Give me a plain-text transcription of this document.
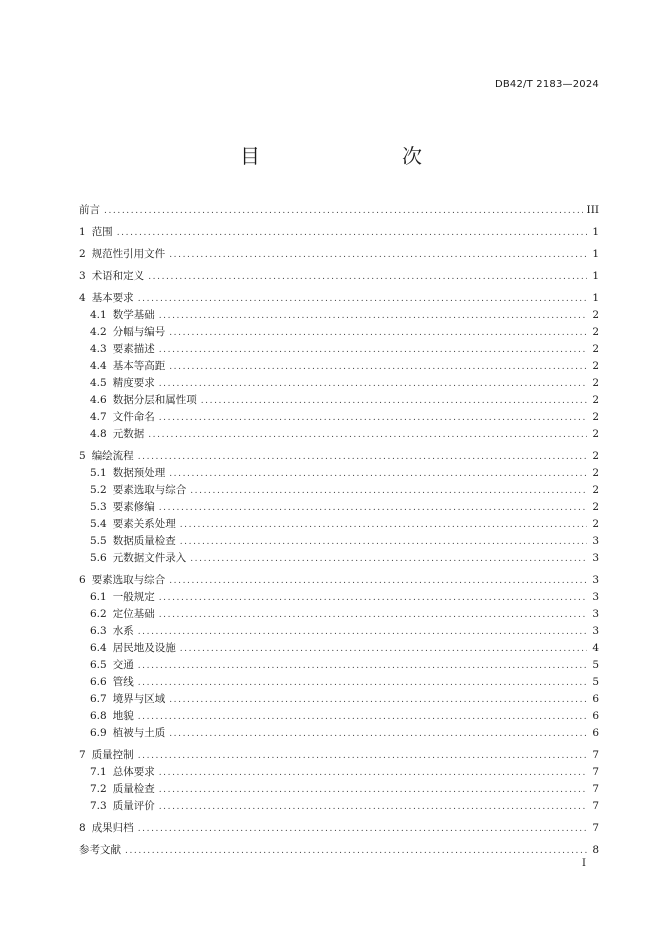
DB42/T 2183—2024
目　　次
前言 .....	III
1 范围 .....	1
2 规范性引用文件 .....	1
3 术语和定义 .....	1
4 基本要求 .....	1
4.1 数学基础 .....	2
4.2 分幅与编号 .....	2
4.3 要素描述 .....	2
4.4 基本等高距 .....	2
4.5 精度要求 .....	2
4.6 数据分层和属性项 .....	2
4.7 文件命名 .....	2
4.8 元数据 .....	2
5 编绘流程 .....	2
5.1 数据预处理 .....	2
5.2 要素选取与综合 .....	2
5.3 要素修编 .....	2
5.4 要素关系处理 .....	2
5.5 数据质量检查 .....	3
5.6 元数据文件录入 .....	3
6 要素选取与综合 .....	3
6.1 一般规定 .....	3
6.2 定位基础 .....	3
6.3 水系 .....	3
6.4 居民地及设施 .....	4
6.5 交通 .....	5
6.6 管线 .....	5
6.7 境界与区域 .....	6
6.8 地貌 .....	6
6.9 植被与土质 .....	6
7 质量控制 .....	7
7.1 总体要求 .....	7
7.2 质量检查 .....	7
7.3 质量评价 .....	7
8 成果归档 .....	7
参考文献 .....	8
I
